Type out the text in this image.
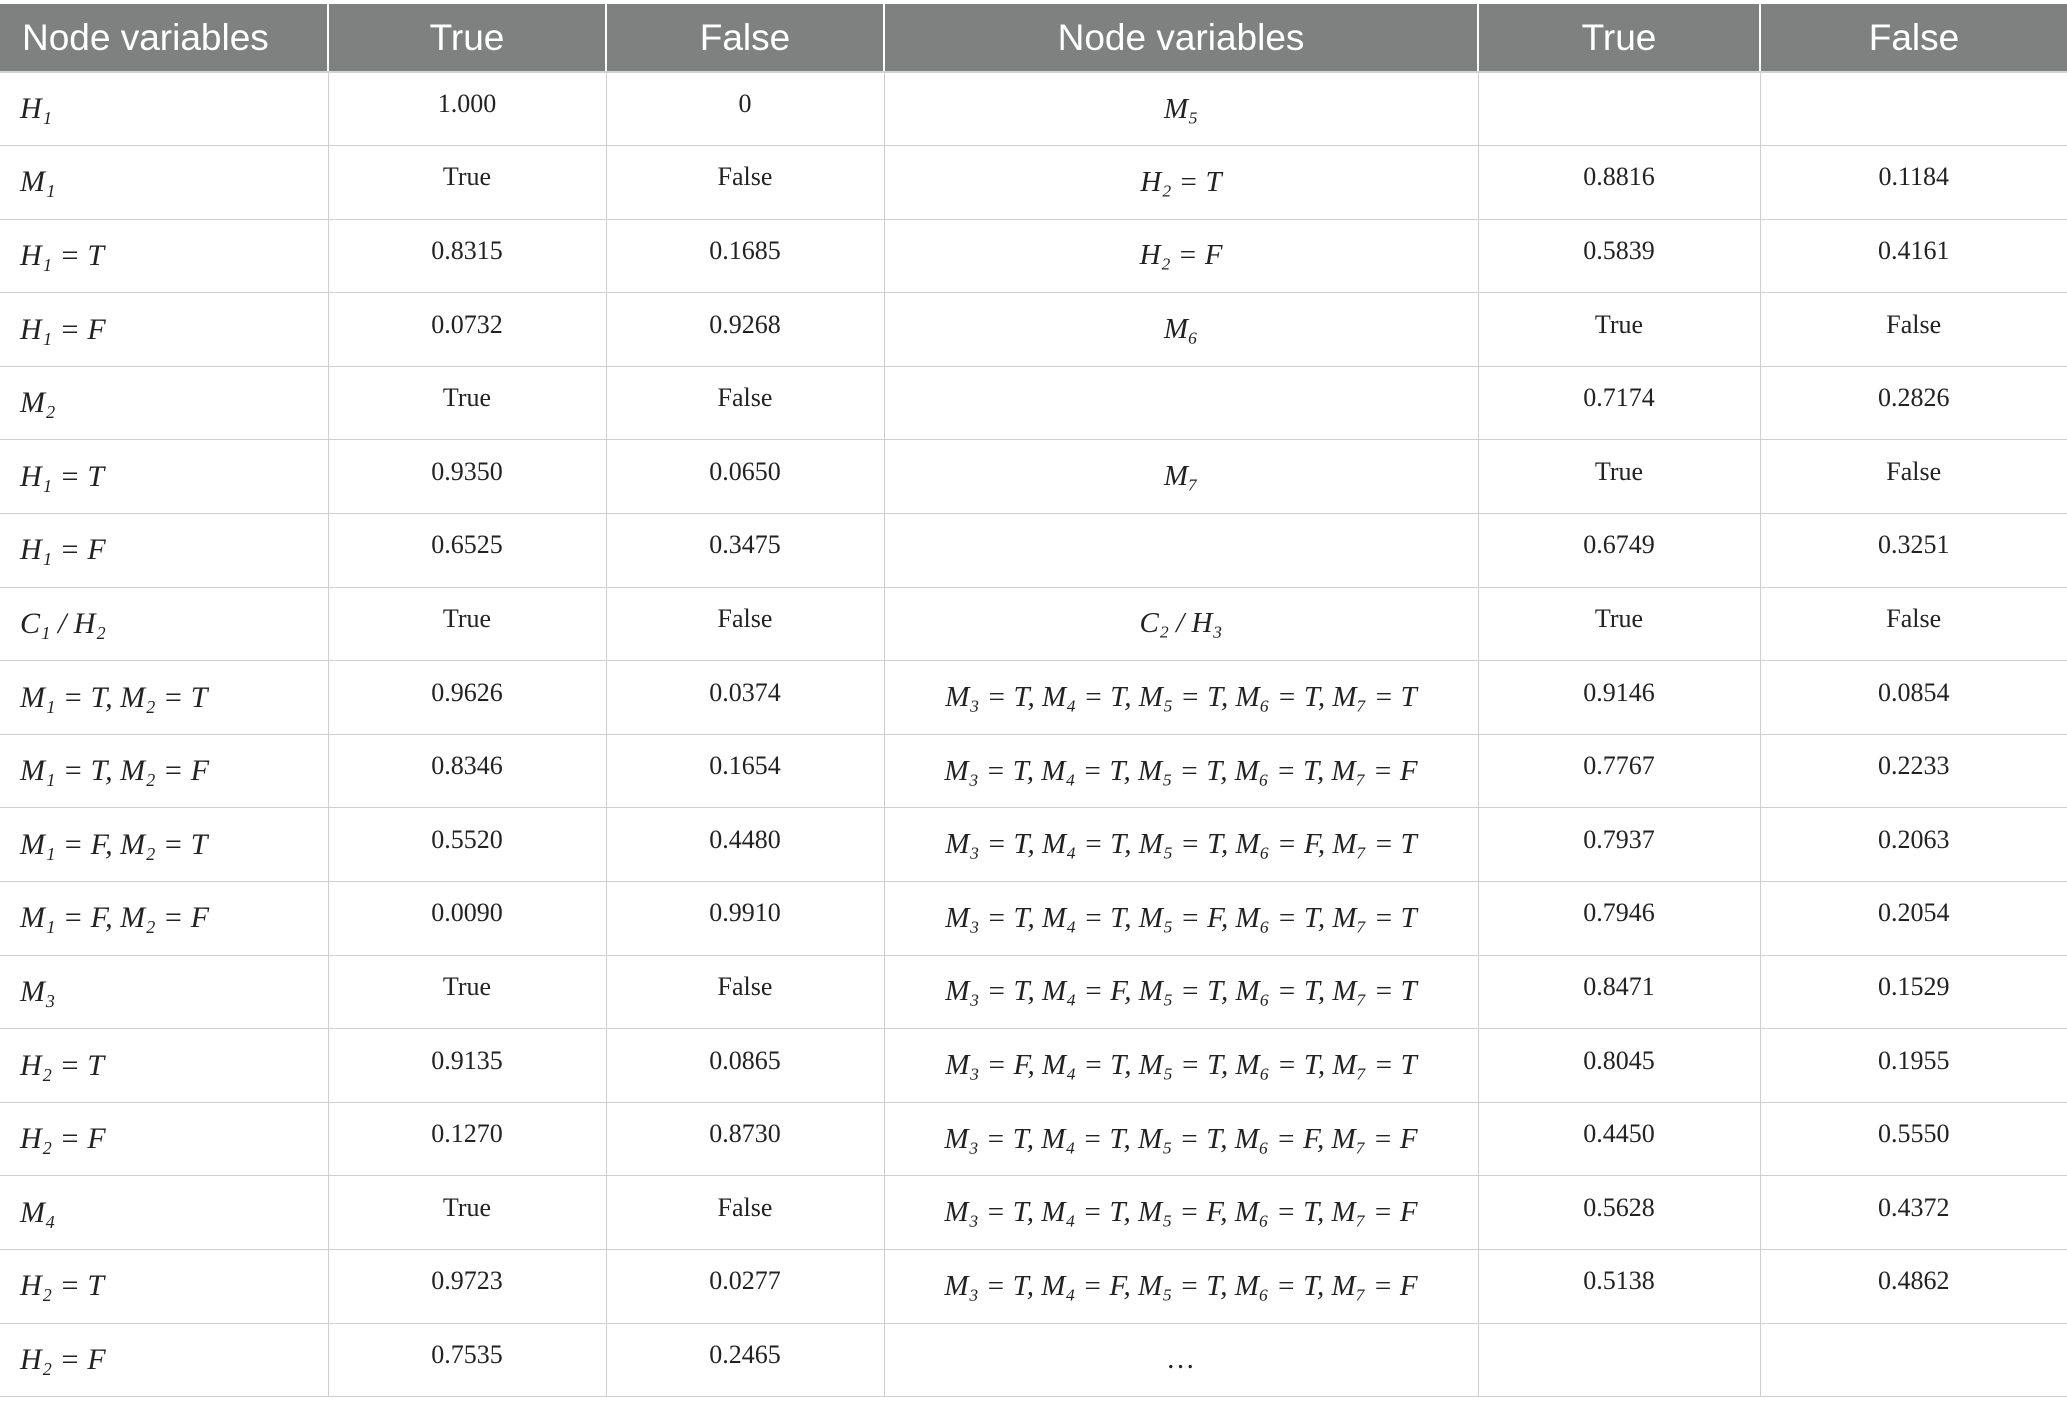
Node variables	True	False	Node variables	True	False
H₁	1.000	0	M₅		
M₁	True	False	H₂ = T	0.8816	0.1184
H₁ = T	0.8315	0.1685	H₂ = F	0.5839	0.4161
H₁ = F	0.0732	0.9268	M₆	True	False
M₂	True	False		0.7174	0.2826
H₁ = T	0.9350	0.0650	M₇	True	False
H₁ = F	0.6525	0.3475		0.6749	0.3251
C₁ / H₂	True	False	C₂ / H₃	True	False
M₁ = T, M₂ = T	0.9626	0.0374	M₃ = T, M₄ = T, M₅ = T, M₆ = T, M₇ = T	0.9146	0.0854
M₁ = T, M₂ = F	0.8346	0.1654	M₃ = T, M₄ = T, M₅ = T, M₆ = T, M₇ = F	0.7767	0.2233
M₁ = F, M₂ = T	0.5520	0.4480	M₃ = T, M₄ = T, M₅ = T, M₆ = F, M₇ = T	0.7937	0.2063
M₁ = F, M₂ = F	0.0090	0.9910	M₃ = T, M₄ = T, M₅ = F, M₆ = T, M₇ = T	0.7946	0.2054
M₃	True	False	M₃ = T, M₄ = F, M₅ = T, M₆ = T, M₇ = T	0.8471	0.1529
H₂ = T	0.9135	0.0865	M₃ = F, M₄ = T, M₅ = T, M₆ = T, M₇ = T	0.8045	0.1955
H₂ = F	0.1270	0.8730	M₃ = T, M₄ = T, M₅ = T, M₆ = F, M₇ = F	0.4450	0.5550
M₄	True	False	M₃ = T, M₄ = T, M₅ = F, M₆ = T, M₇ = F	0.5628	0.4372
H₂ = T	0.9723	0.0277	M₃ = T, M₄ = F, M₅ = T, M₆ = T, M₇ = F	0.5138	0.4862
H₂ = F	0.7535	0.2465	…		
